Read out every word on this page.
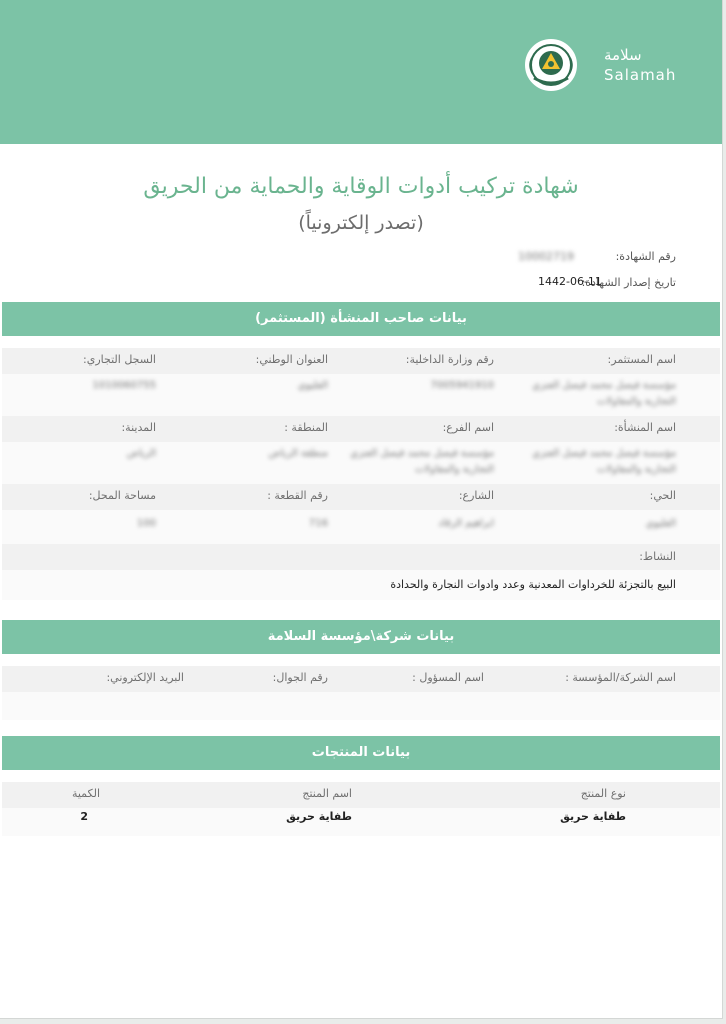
سلامة
Salamah
شهادة تركيب أدوات الوقاية والحماية من الحريق
(تصدر إلكترونياً)
رقم الشهادة:
10002719
تاريخ إصدار الشهادة:
1442-06-11
بيانات صاحب المنشأة (المستثمر)
اسم المستثمر:
رقم وزارة الداخلية:
العنوان الوطني:
السجل التجاري:
مؤسسة فيصل محمد فيصل العنزي التجارية والمقاولات
7005941910
الفليوي
1010060755
اسم المنشأة:
اسم الفرع:
المنطقة :
المدينة:
مؤسسة فيصل محمد فيصل العنزي التجارية والمقاولات
مؤسسة فيصل محمد فيصل العنزي التجارية والمقاولات
منطقة الرياض
الرياض
الحي:
الشارع:
رقم القطعة :
مساحة المحل:
الفليوي
ابراهيم الرقاد
716
100
النشاط:
البيع بالتجزئة للخرداوات المعدنية وعدد وادوات النجارة والحدادة
بيانات شركة\مؤسسة السلامة
اسم الشركة/المؤسسة :
اسم المسؤول :
رقم الجوال:
البريد الإلكتروني:
بيانات المنتجات
نوع المنتج
اسم المنتج
الكمية
طفاية حريق
طفاية حريق
2
